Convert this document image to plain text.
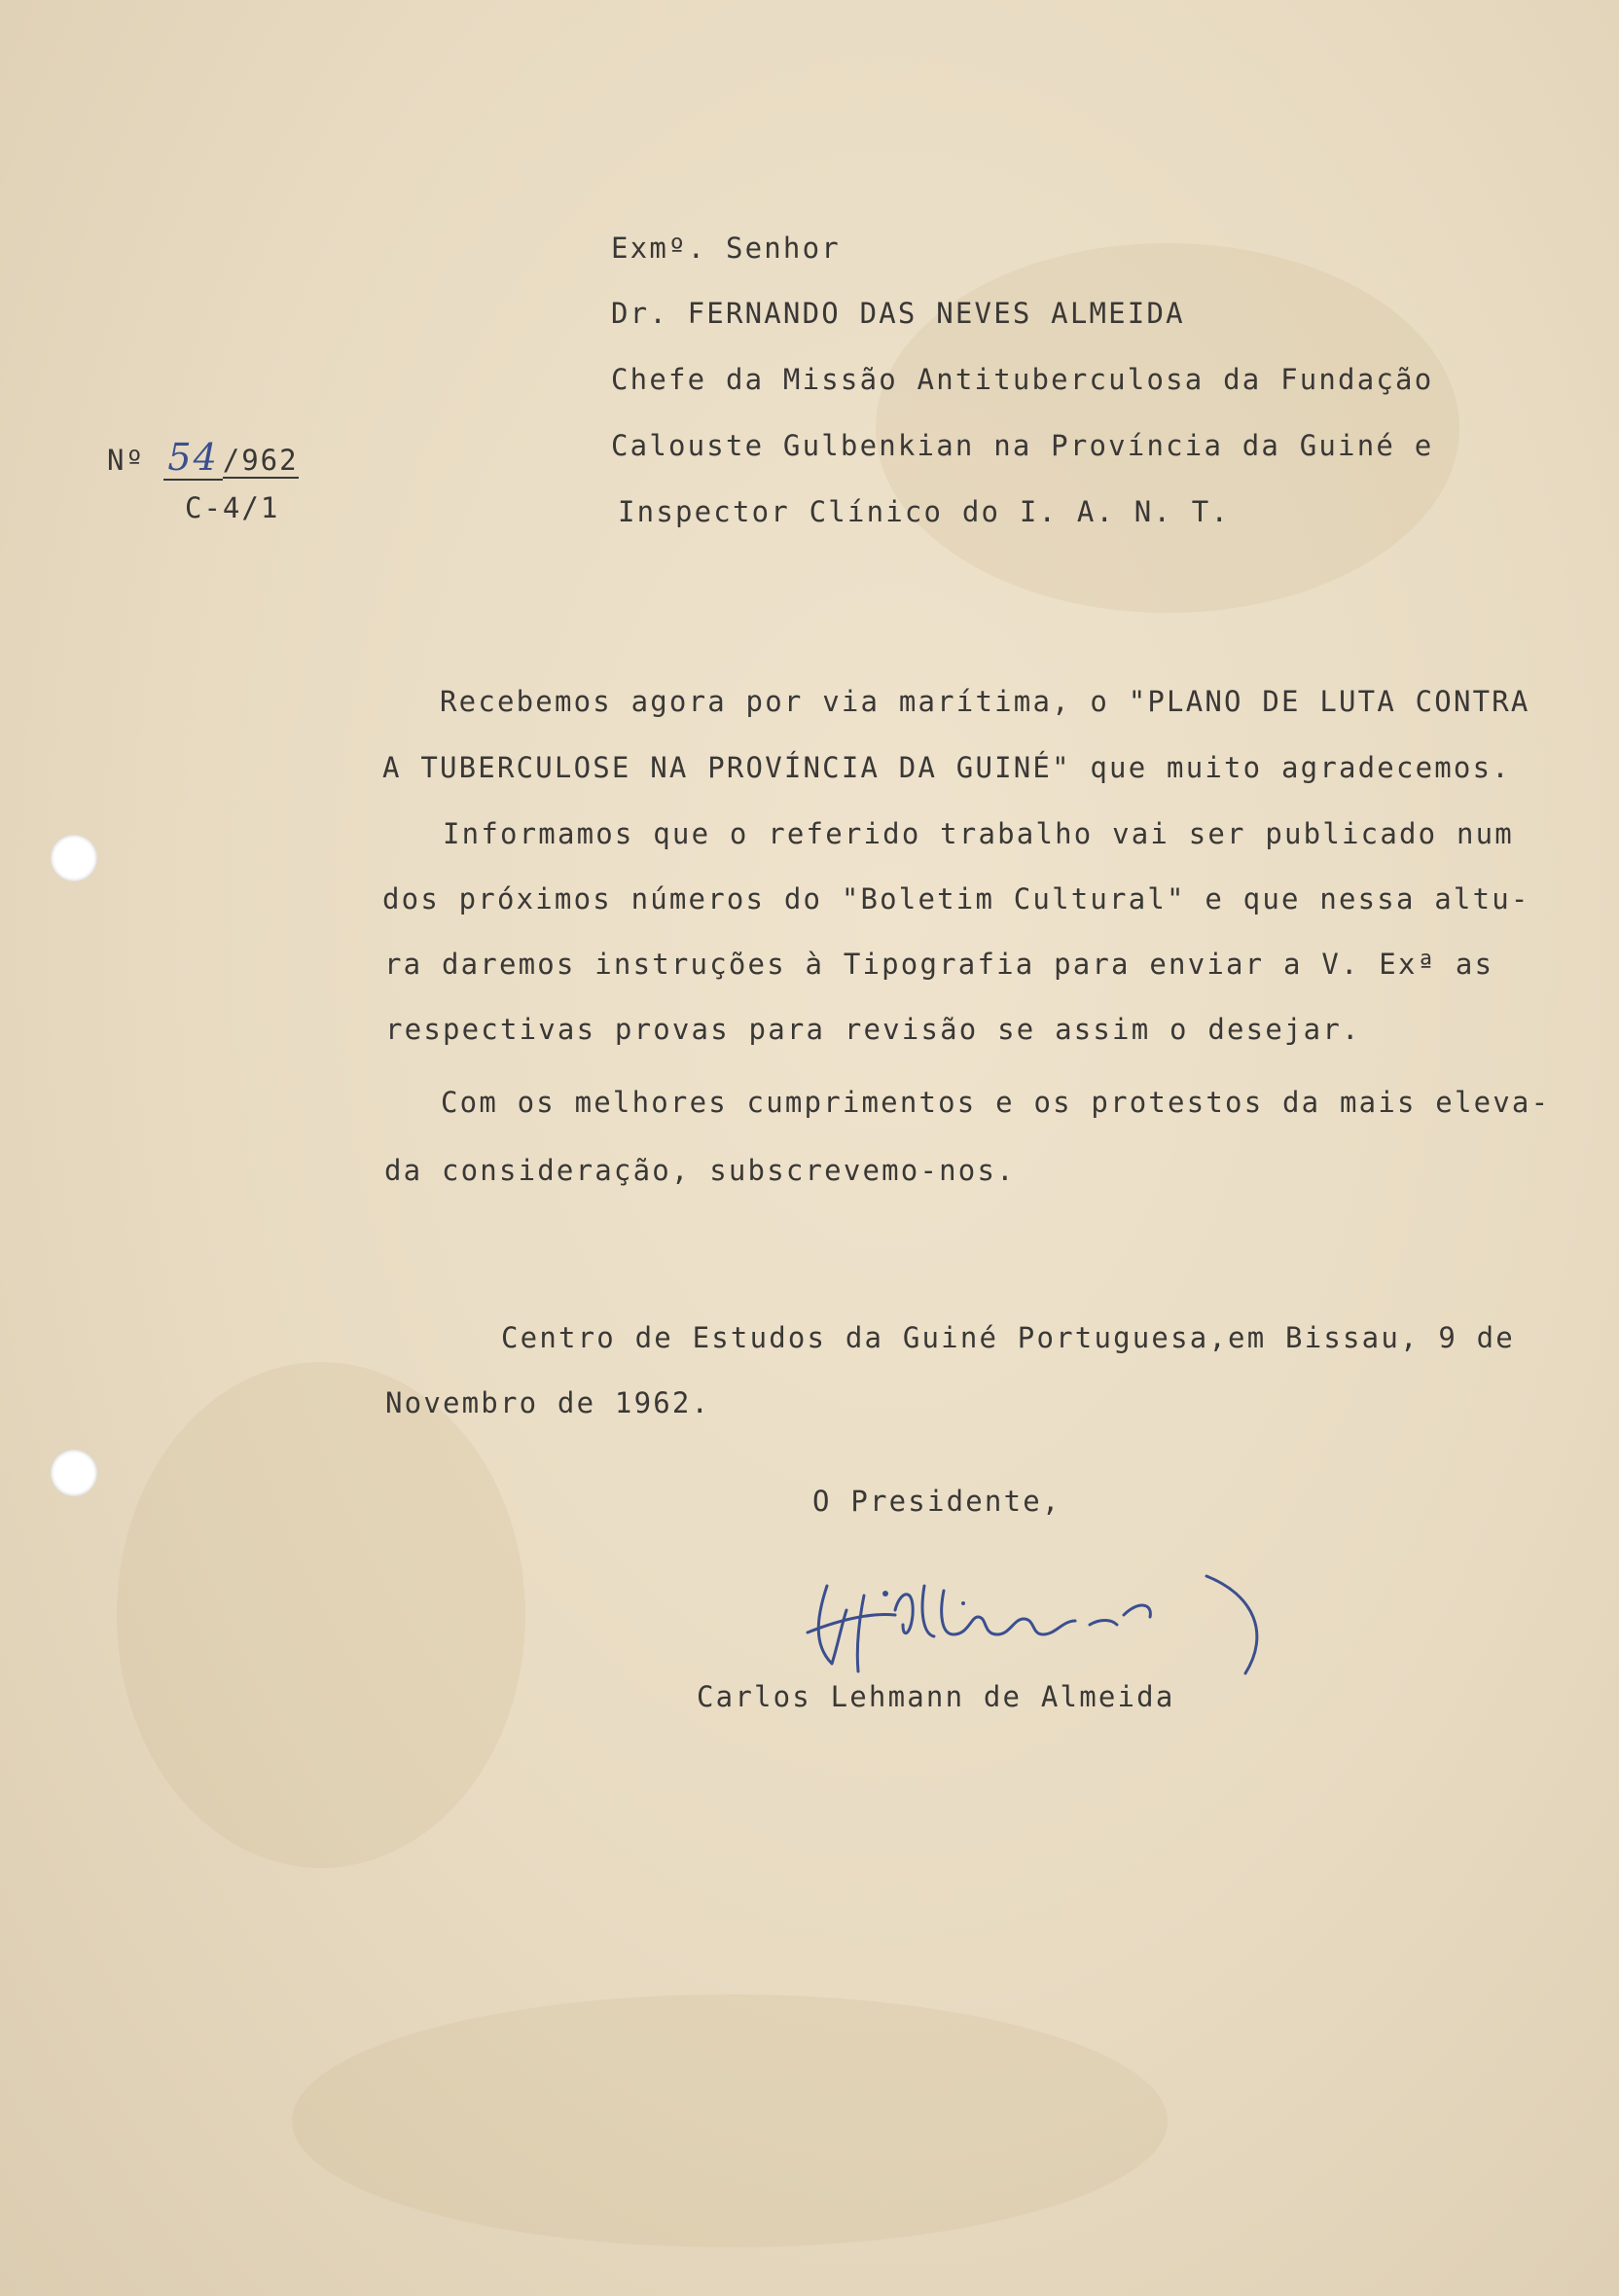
Nº 54 /962
C-4/1
Exmº. Senhor
Dr. FERNANDO DAS NEVES ALMEIDA
Chefe da Missão Antituberculosa da Fundação
Calouste Gulbenkian na Província da Guiné e
Inspector Clínico do I. A. N. T.
Recebemos agora por via marítima, o "PLANO DE LUTA CONTRA
A TUBERCULOSE NA PROVÍNCIA DA GUINÉ" que muito agradecemos.
Informamos que o referido trabalho vai ser publicado num
dos próximos números do "Boletim Cultural" e que nessa altu-
ra daremos instruções à Tipografia para enviar a V. Exª as
respectivas provas para revisão se assim o desejar.
Com os melhores cumprimentos e os protestos da mais eleva-
da consideração, subscrevemo-nos.
Centro de Estudos da Guiné Portuguesa,em Bissau, 9 de
Novembro de 1962.
O Presidente,
Carlos Lehmann de Almeida
